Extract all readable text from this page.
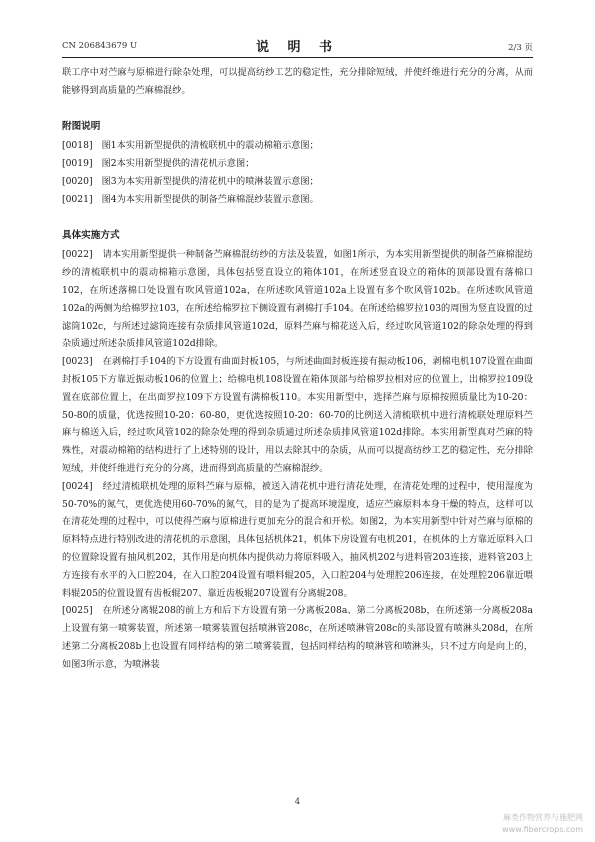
CN 206843679 U	说 明 书	2/3 页

联工序中对苎麻与原棉进行除杂处理，可以提高纺纱工艺的稳定性，充分排除短绒，并使纤维进行充分的分离，从而能够得到高质量的苎麻棉混纱。

附图说明
[0018] 图1本实用新型提供的清梳联机中的震动棉箱示意图；
[0019] 图2本实用新型提供的清花机示意图；
[0020] 图3为本实用新型提供的清花机中的喷淋装置示意图；
[0021] 图4为本实用新型提供的制备苎麻棉混纱装置示意图。
具体实施方式

[0022] 请本实用新型提供一种制备苎麻棉混纺纱的方法及装置，如图1所示，为本实用新型提供的制备苎麻棉混纺纱的清梳联机中的震动棉箱示意图，具体包括竖直设立的箱体101，在所述竖直设立的箱体的顶部设置有落棉口102，在所述落棉口处设置有吹风管道102a，在所述吹风管道102a上设置有多个吹风管102b。在所述吹风管道102a的两侧为给棉罗拉103，在所述给棉罗拉下侧设置有剥棉打手104。在所述给棉罗拉103的周围为竖直设置的过滤筒102c，与所述过滤筒连接有杂质排风管道102d，原料苎麻与棉花送入后，经过吹风管道102的除杂处理的得到杂质通过所述杂质排风管道102d排除。

[0023] 在剥棉打手104的下方设置有曲面封板105，与所述曲面封板连接有振动板106，剥棉电机107设置在曲面封板105下方靠近振动板106的位置上；给棉电机108设置在箱体顶部与给棉罗拉相对应的位置上，出棉罗拉109设置在底部位置上，在出面罗拉109下方设置有满棉板110。本实用新型中，选择苎麻与原棉按照质量比为10-20：50-80的质量，优选按照10-20：60-80，更优选按照10-20：60-70的比例送入清梳联机中进行清梳联处理原料苎麻与棉送入后，经过吹风管102的除杂处理的得到杂质通过所述杂质排风管道102d排除。本实用新型真对苎麻的特殊性，对震动棉箱的结构进行了上述特别的设计，用以去除其中的杂质，从而可以提高纺纱工艺的稳定性，充分排除短绒，并使纤维进行充分的分离，进而得到高质量的苎麻棉混纱。

[0024] 经过清梳联机处理的原料苎麻与原棉，被送入清花机中进行清花处理，在清花处理的过程中，使用湿度为50-70%的氮气，更优选使用60-70%的氮气，目的是为了提高环境湿度，适应苎麻原料本身干燥的特点，这样可以在清花处理的过程中，可以使得苎麻与原棉进行更加充分的混合和开松。如图2，为本实用新型中针对苎麻与原棉的原料特点进行特别改进的清花机的示意图，具体包括机体21，机体下房设置有电机201，在机体的上方靠近原料入口的位置除设置有抽风机202，其作用是向机体内提供动力将原料吸入，抽风机202与进料管203连接，进料管203上方连接有水平的入口腔204，在入口腔204设置有喂料辊205，入口腔204与处理腔206连接，在处理腔206靠近喂料辊205的位置设置有齿板辊207、靠近齿板辊207设置有分离辊208。

[0025] 在所述分离辊208的前上方和后下方设置有第一分离板208a、第二分离板208b，在所述第一分离板208a上设置有第一喷雾装置，所述第一喷雾装置包括喷淋管208c，在所述喷淋管208c的头部设置有喷淋头208d，在所述第二分离板208b上也设置有同样结构的第二喷雾装置，包括同样结构的喷淋管和喷淋头，只不过方向是向上的，如图3所示意，为喷淋装

4
麻类作物营养与施肥网
www.fibercrops.com
